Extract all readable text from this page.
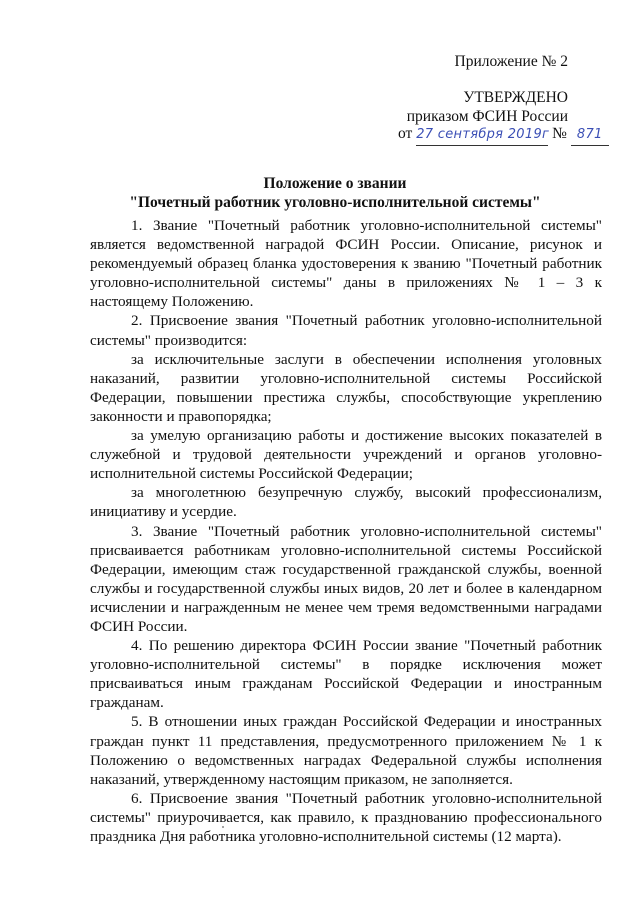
Приложение № 2
УТВЕРЖДЕНО
приказом ФСИН России
от 27 сентября 2019г № 871
Положение о звании
"Почетный работник уголовно-исполнительной системы"

1. Звание "Почетный работник уголовно-исполнительной системы" является ведомственной наградой ФСИН России. Описание, рисунок и рекомендуемый образец бланка удостоверения к званию "Почетный работник уголовно-исполнительной системы" даны в приложениях № 1 – 3 к настоящему Положению.

2. Присвоение звания "Почетный работник уголовно-исполнительной системы" производится:

за исключительные заслуги в обеспечении исполнения уголовных наказаний, развитии уголовно-исполнительной системы Российской Федерации, повышении престижа службы, способствующие укреплению законности и правопорядка;

за умелую организацию работы и достижение высоких показателей в служебной и трудовой деятельности учреждений и органов уголовно-исполнительной системы Российской Федерации;

за многолетнюю безупречную службу, высокий профессионализм, инициативу и усердие.

3. Звание "Почетный работник уголовно-исполнительной системы" присваивается работникам уголовно-исполнительной системы Российской Федерации, имеющим стаж государственной гражданской службы, военной службы и государственной службы иных видов, 20 лет и более в календарном исчислении и награжденным не менее чем тремя ведомственными наградами ФСИН России.

4. По решению директора ФСИН России звание "Почетный работник уголовно-исполнительной системы" в порядке исключения может присваиваться иным гражданам Российской Федерации и иностранным гражданам.

5. В отношении иных граждан Российской Федерации и иностранных граждан пункт 11 представления, предусмотренного приложением № 1 к Положению о ведомственных наградах Федеральной службы исполнения наказаний, утвержденному настоящим приказом, не заполняется.

6. Присвоение звания "Почетный работник уголовно-исполнительной системы" приурочивается, как правило, к празднованию профессионального праздника Дня работника уголовно-исполнительной системы (12 марта).
